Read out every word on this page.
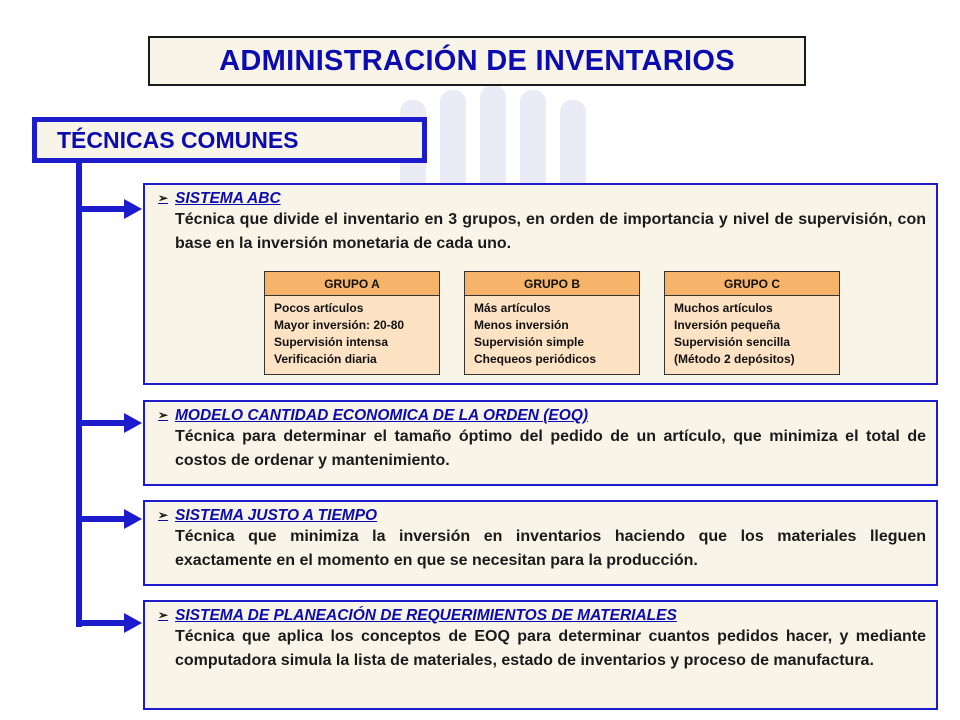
ADMINISTRACIÓN DE INVENTARIOS
TÉCNICAS COMUNES
➢ SISTEMA ABC
Técnica que divide el inventario en 3 grupos, en orden de importancia y nivel de supervisión, con base en la inversión monetaria de cada uno.
GRUPO A
Pocos artículos
Mayor inversión: 20-80
Supervisión intensa
Verificación diaria
GRUPO B
Más artículos
Menos inversión
Supervisión simple
Chequeos periódicos
GRUPO C
Muchos artículos
Inversión pequeña
Supervisión sencilla
(Método 2 depósitos)
➢ MODELO CANTIDAD ECONOMICA DE LA ORDEN (EOQ)
Técnica para determinar el tamaño óptimo del pedido de un artículo, que minimiza el total de costos de ordenar y mantenimiento.
➢ SISTEMA JUSTO A TIEMPO
Técnica que minimiza la inversión en inventarios haciendo que los materiales lleguen exactamente en el momento en que se necesitan para la producción.
➢ SISTEMA DE PLANEACIÓN DE REQUERIMIENTOS DE MATERIALES
Técnica que aplica los conceptos de EOQ para determinar cuantos pedidos hacer, y mediante computadora simula la lista de materiales, estado de inventarios y proceso de manufactura.
